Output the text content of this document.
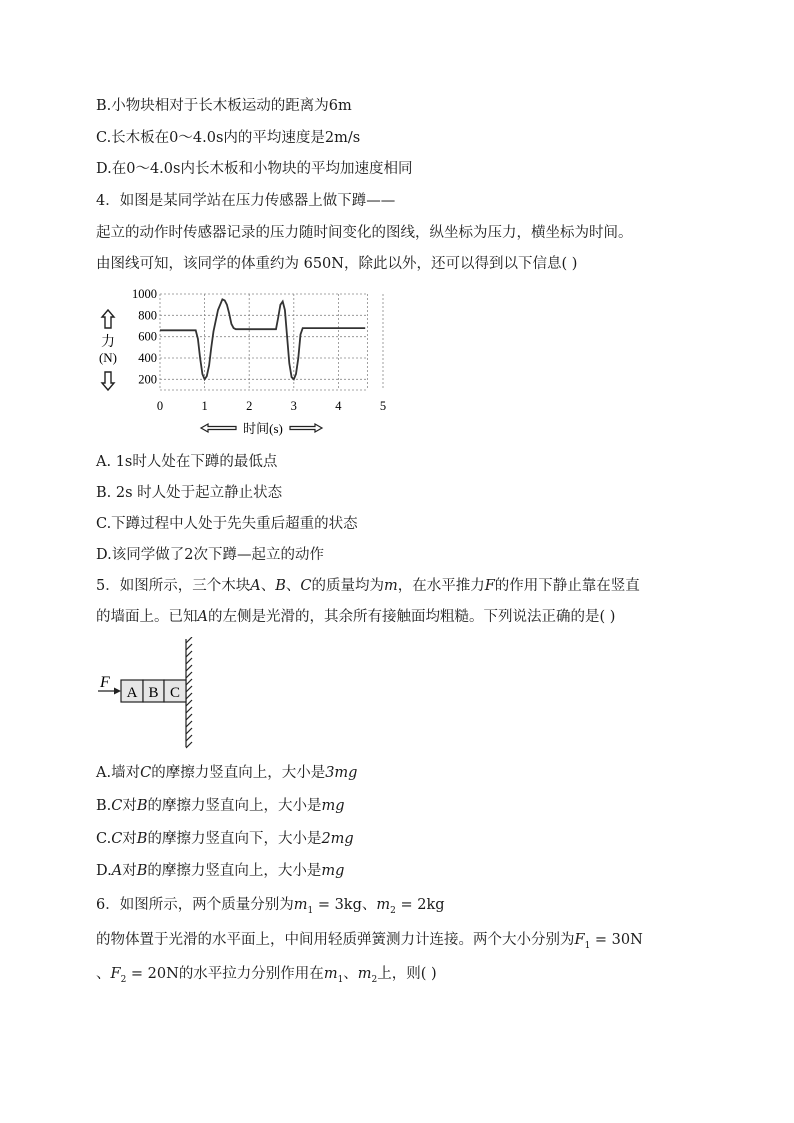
B.小物块相对于长木板运动的距离为6m
C.长木板在0～4.0s内的平均速度是2m/s
D.在0～4.0s内长木板和小物块的平均加速度相同
4．如图是某同学站在压力传感器上做下蹲——
起立的动作时传感器记录的压力随时间变化的图线，纵坐标为压力，横坐标为时间。
由图线可知，该同学的体重约为 650N，除此以外，还可以得到以下信息( )
200
400
600
800
1000
0	1	2	3	4	5
力
(N)
时间(s)
A. 1s时人处在下蹲的最低点
B. 2s 时人处于起立静止状态
C.下蹲过程中人处于先失重后超重的状态
D.该同学做了2次下蹲—起立的动作
5．如图所示，三个木块A、B、C的质量均为m，在水平推力F的作用下静止靠在竖直
的墙面上。已知A的左侧是光滑的，其余所有接触面均粗糙。下列说法正确的是( )
A B C
F
A.墙对C的摩擦力竖直向上，大小是3mg
B.C对B的摩擦力竖直向上，大小是mg
C.C对B的摩擦力竖直向下，大小是2mg
D.A对B的摩擦力竖直向上，大小是mg
6．如图所示，两个质量分别为$m_1 = 3kg$、$m_2 = 2kg$
的物体置于光滑的水平面上，中间用轻质弹簧测力计连接。两个大小分别为$F_1 = 30N$
、$F_2 = 20N$的水平拉力分别作用在$m_1$、$m_2$上，则( )
